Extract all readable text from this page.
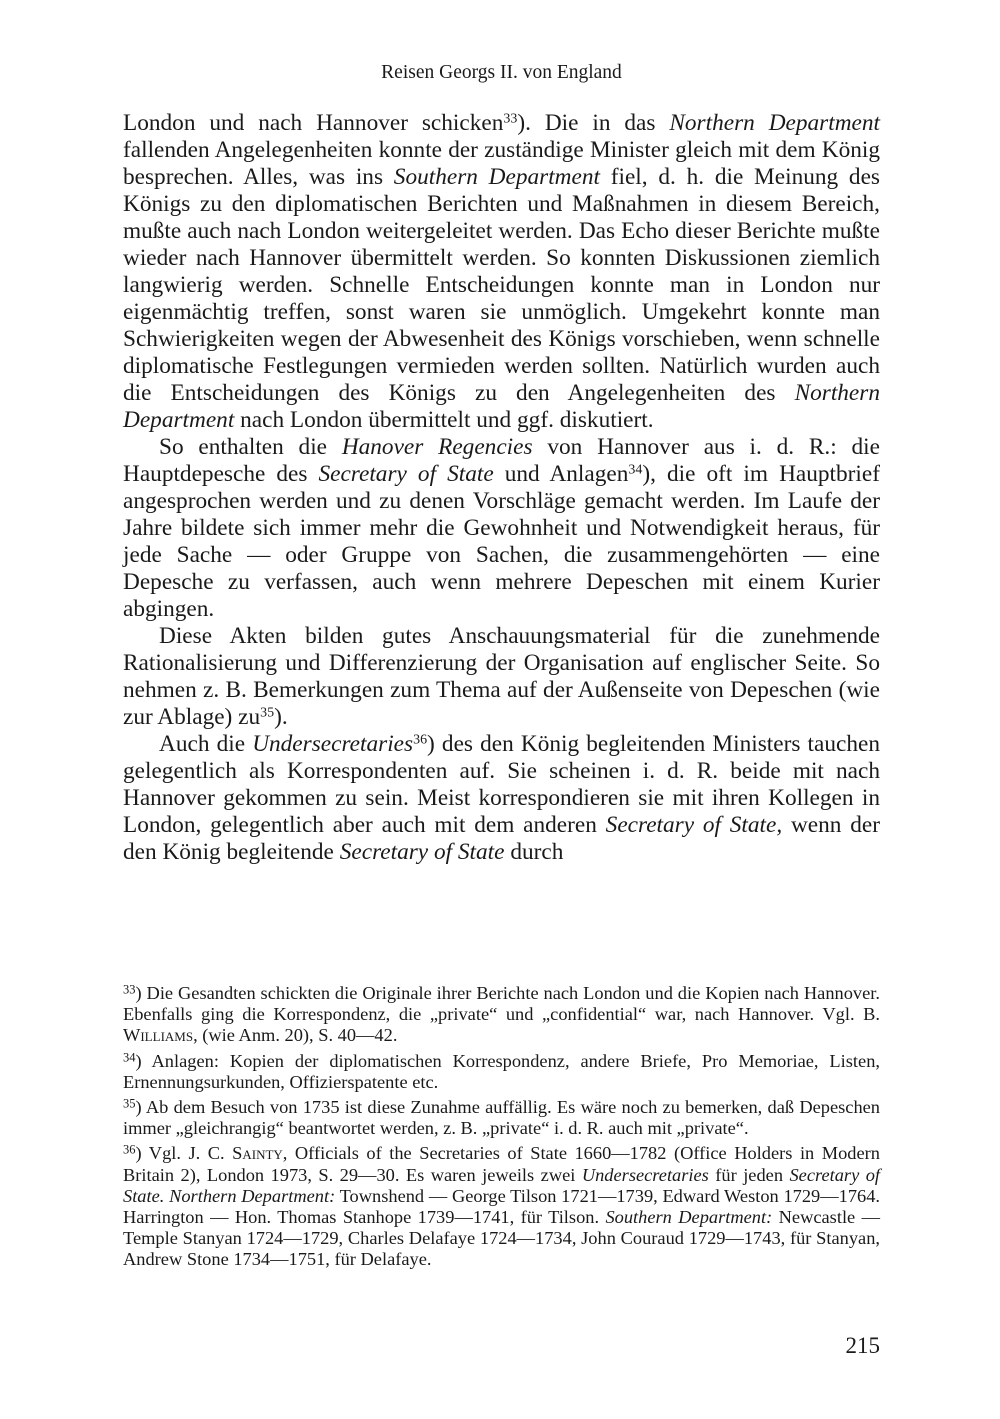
Reisen Georgs II. von England

London und nach Hannover schicken$^{33}$). Die in das Northern Department fallenden Angelegenheiten konnte der zuständige Minister gleich mit dem König besprechen. Alles, was ins Southern Department fiel, d. h. die Meinung des Königs zu den diplomatischen Berichten und Maßnahmen in diesem Bereich, mußte auch nach London weitergeleitet werden. Das Echo dieser Berichte mußte wieder nach Hannover übermittelt werden. So konnten Diskussionen ziemlich langwierig werden. Schnelle Entscheidungen konnte man in London nur eigenmächtig treffen, sonst waren sie unmöglich. Umgekehrt konnte man Schwierigkeiten wegen der Abwesenheit des Königs vorschieben, wenn schnelle diplomatische Festlegungen vermieden werden sollten. Natürlich wurden auch die Entscheidungen des Königs zu den Angelegenheiten des Northern Department nach London übermittelt und ggf. diskutiert.

So enthalten die Hanover Regencies von Hannover aus i. d. R.: die Hauptdepesche des Secretary of State und Anlagen$^{34}$), die oft im Hauptbrief angesprochen werden und zu denen Vorschläge gemacht werden. Im Laufe der Jahre bildete sich immer mehr die Gewohnheit und Notwendigkeit heraus, für jede Sache — oder Gruppe von Sachen, die zusammengehörten — eine Depesche zu verfassen, auch wenn mehrere Depeschen mit einem Kurier abgingen.

Diese Akten bilden gutes Anschauungsmaterial für die zunehmende Rationalisierung und Differenzierung der Organisation auf englischer Seite. So nehmen z. B. Bemerkungen zum Thema auf der Außenseite von Depeschen (wie zur Ablage) $zu^{35}$).

Auch die Undersecretaries$^{36}$) des den König begleitenden Ministers tauchen gelegentlich als Korrespondenten auf. Sie scheinen i. d. R. beide mit nach Hannover gekommen zu sein. Meist korrespondieren sie mit ihren Kollegen in London, gelegentlich aber auch mit dem anderen Secretary of State, wenn der den König begleitende Secretary of State durch

$^{33}$) Die Gesandten schickten die Originale ihrer Berichte nach London und die Kopien nach Hannover. Ebenfalls ging die Korrespondenz, die „private“ und „confidential“ war, nach Hannover. Vgl. B. Williams, (wie Anm. 20), S. 40—42.

$^{34}$) Anlagen: Kopien der diplomatischen Korrespondenz, andere Briefe, Pro Memoriae, Listen, Ernennungsurkunden, Offizierspatente etc.

$^{35}$) Ab dem Besuch von 1735 ist diese Zunahme auffällig. Es wäre noch zu bemerken, daß Depeschen immer „gleichrangig“ beantwortet werden, z. B. „private“ i. d. R. auch mit „private“.

$^{36}$) Vgl. J. C. Sainty, Officials of the Secretaries of State 1660—1782 (Office Holders in Modern Britain 2), London 1973, S. 29—30. Es waren jeweils zwei Undersecretaries für jeden Secretary of State. Northern Department: Townshend — George Tilson 1721—1739, Edward Weston 1729—1764. Harrington — Hon. Thomas Stanhope 1739—1741, für Tilson. Southern Department: Newcastle — Temple Stanyan 1724—1729, Charles Delafaye 1724—1734, John Couraud 1729—1743, für Stanyan, Andrew Stone 1734—1751, für Delafaye.

215
